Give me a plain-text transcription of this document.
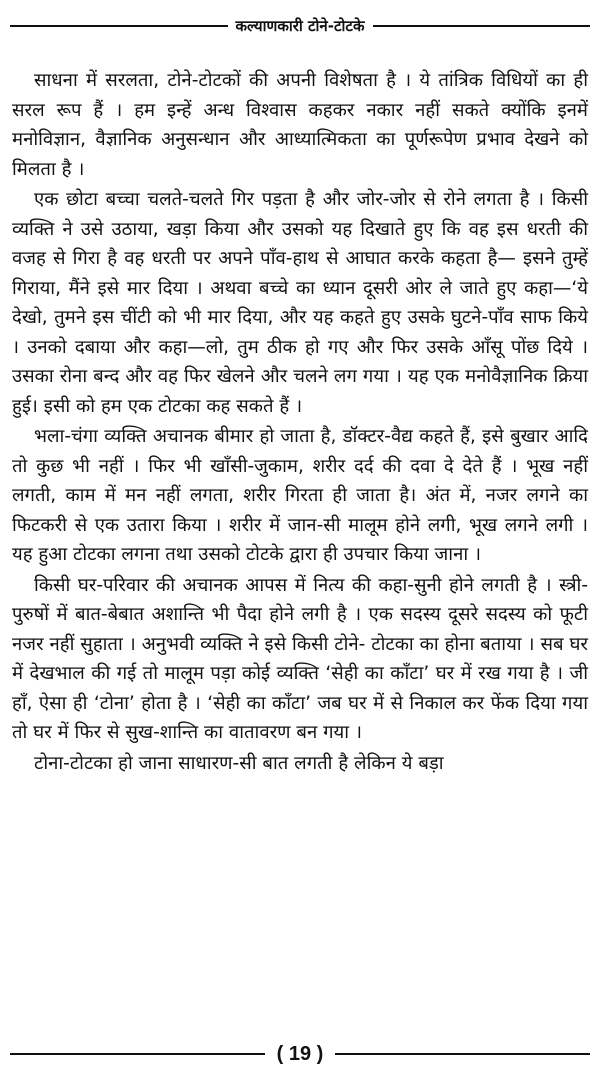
कल्याणकारी टोने-टोटके

साधना में सरलता, टोने-टोटकों की अपनी विशेषता है । ये तांत्रिक विधियों का ही सरल रूप हैं । हम इन्हें अन्ध विश्वास कहकर नकार नहीं सकते क्योंकि इनमें मनोविज्ञान, वैज्ञानिक अनुसन्धान और आध्यात्मिकता का पूर्णरूपेण प्रभाव देखने को मिलता है ।

एक छोटा बच्चा चलते-चलते गिर पड़ता है और जोर-जोर से रोने लगता है । किसी व्यक्ति ने उसे उठाया, खड़ा किया और उसको यह दिखाते हुए कि वह इस धरती की वजह से गिरा है वह धरती पर अपने पाँव-हाथ से आघात करके कहता है— इसने तुम्हें गिराया, मैंने इसे मार दिया । अथवा बच्चे का ध्यान दूसरी ओर ले जाते हुए कहा—‘ये देखो, तुमने इस चींटी को भी मार दिया, और यह कहते हुए उसके घुटने-पाँव साफ किये । उनको दबाया और कहा—लो, तुम ठीक हो गए और फिर उसके आँसू पोंछ दिये । उसका रोना बन्द और वह फिर खेलने और चलने लग गया । यह एक मनोवैज्ञानिक क्रिया हुई। इसी को हम एक टोटका कह सकते हैं ।

भला-चंगा व्यक्ति अचानक बीमार हो जाता है, डॉक्टर-वैद्य कहते हैं, इसे बुखार आदि तो कुछ भी नहीं । फिर भी खाँसी-जुकाम, शरीर दर्द की दवा दे देते हैं । भूख नहीं लगती, काम में मन नहीं लगता, शरीर गिरता ही जाता है। अंत में, नजर लगने का फिटकरी से एक उतारा किया । शरीर में जान-सी मालूम होने लगी, भूख लगने लगी । यह हुआ टोटका लगना तथा उसको टोटके द्वारा ही उपचार किया जाना ।

किसी घर-परिवार की अचानक आपस में नित्य की कहा-सुनी होने लगती है । स्त्री-पुरुषों में बात-बेबात अशान्ति भी पैदा होने लगी है । एक सदस्य दूसरे सदस्य को फूटी नजर नहीं सुहाता । अनुभवी व्यक्ति ने इसे किसी टोने- टोटका का होना बताया । सब घर में देखभाल की गई तो मालूम पड़ा कोई व्यक्ति ‘सेही का काँटा’ घर में रख गया है । जी हाँ, ऐसा ही ‘टोना’ होता है । ‘सेही का काँटा’ जब घर में से निकाल कर फेंक दिया गया तो घर में फिर से सुख-शान्ति का वातावरण बन गया ।

टोना-टोटका हो जाना साधारण-सी बात लगती है लेकिन ये बड़ा

( 19 )
